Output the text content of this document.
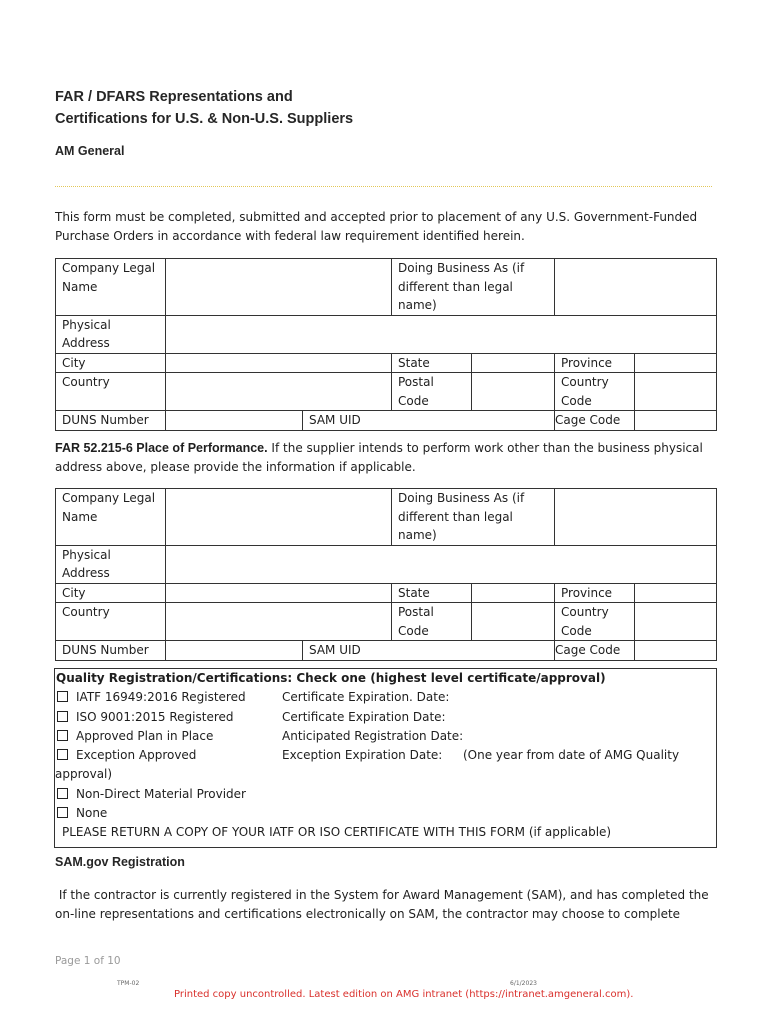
FAR / DFARS Representations and
Certifications for U.S. & Non-U.S. Suppliers
AM General
This form must be completed, submitted and accepted prior to placement of any U.S. Government-Funded Purchase Orders in accordance with federal law requirement identified herein.
Company Legal Name			Doing Business As (if different than legal name)			
Physical Address						
City			State		Province	
Country			Postal Code		Country Code	
DUNS Number		SAM UID			Cage Code	
FAR 52.215-6 Place of Performance. If the supplier intends to perform work other than the business physical address above, please provide the information if applicable.
Company Legal Name			Doing Business As (if different than legal name)			
Physical Address						
City			State		Province	
Country			Postal Code		Country Code	
DUNS Number		SAM UID			Cage Code	
Quality Registration/Certifications: Check one (highest level certificate/approval)
IATF 16949:2016 Registered	Certificate Expiration. Date:
ISO 9001:2015 Registered	Certificate Expiration Date:
Approved Plan in Place	Anticipated Registration Date:
Exception Approved	Exception Expiration Date: (One year from date of AMG Quality
approval)
Non-Direct Material Provider
None
PLEASE RETURN A COPY OF YOUR IATF OR ISO CERTIFICATE WITH THIS FORM (if applicable)
SAM.gov Registration
If the contractor is currently registered in the System for Award Management (SAM), and has completed the on-line representations and certifications electronically on SAM, the contractor may choose to complete
Page 1 of 10
TPM-02	6/1/2023
Printed copy uncontrolled. Latest edition on AMG intranet (https://intranet.amgeneral.com).
